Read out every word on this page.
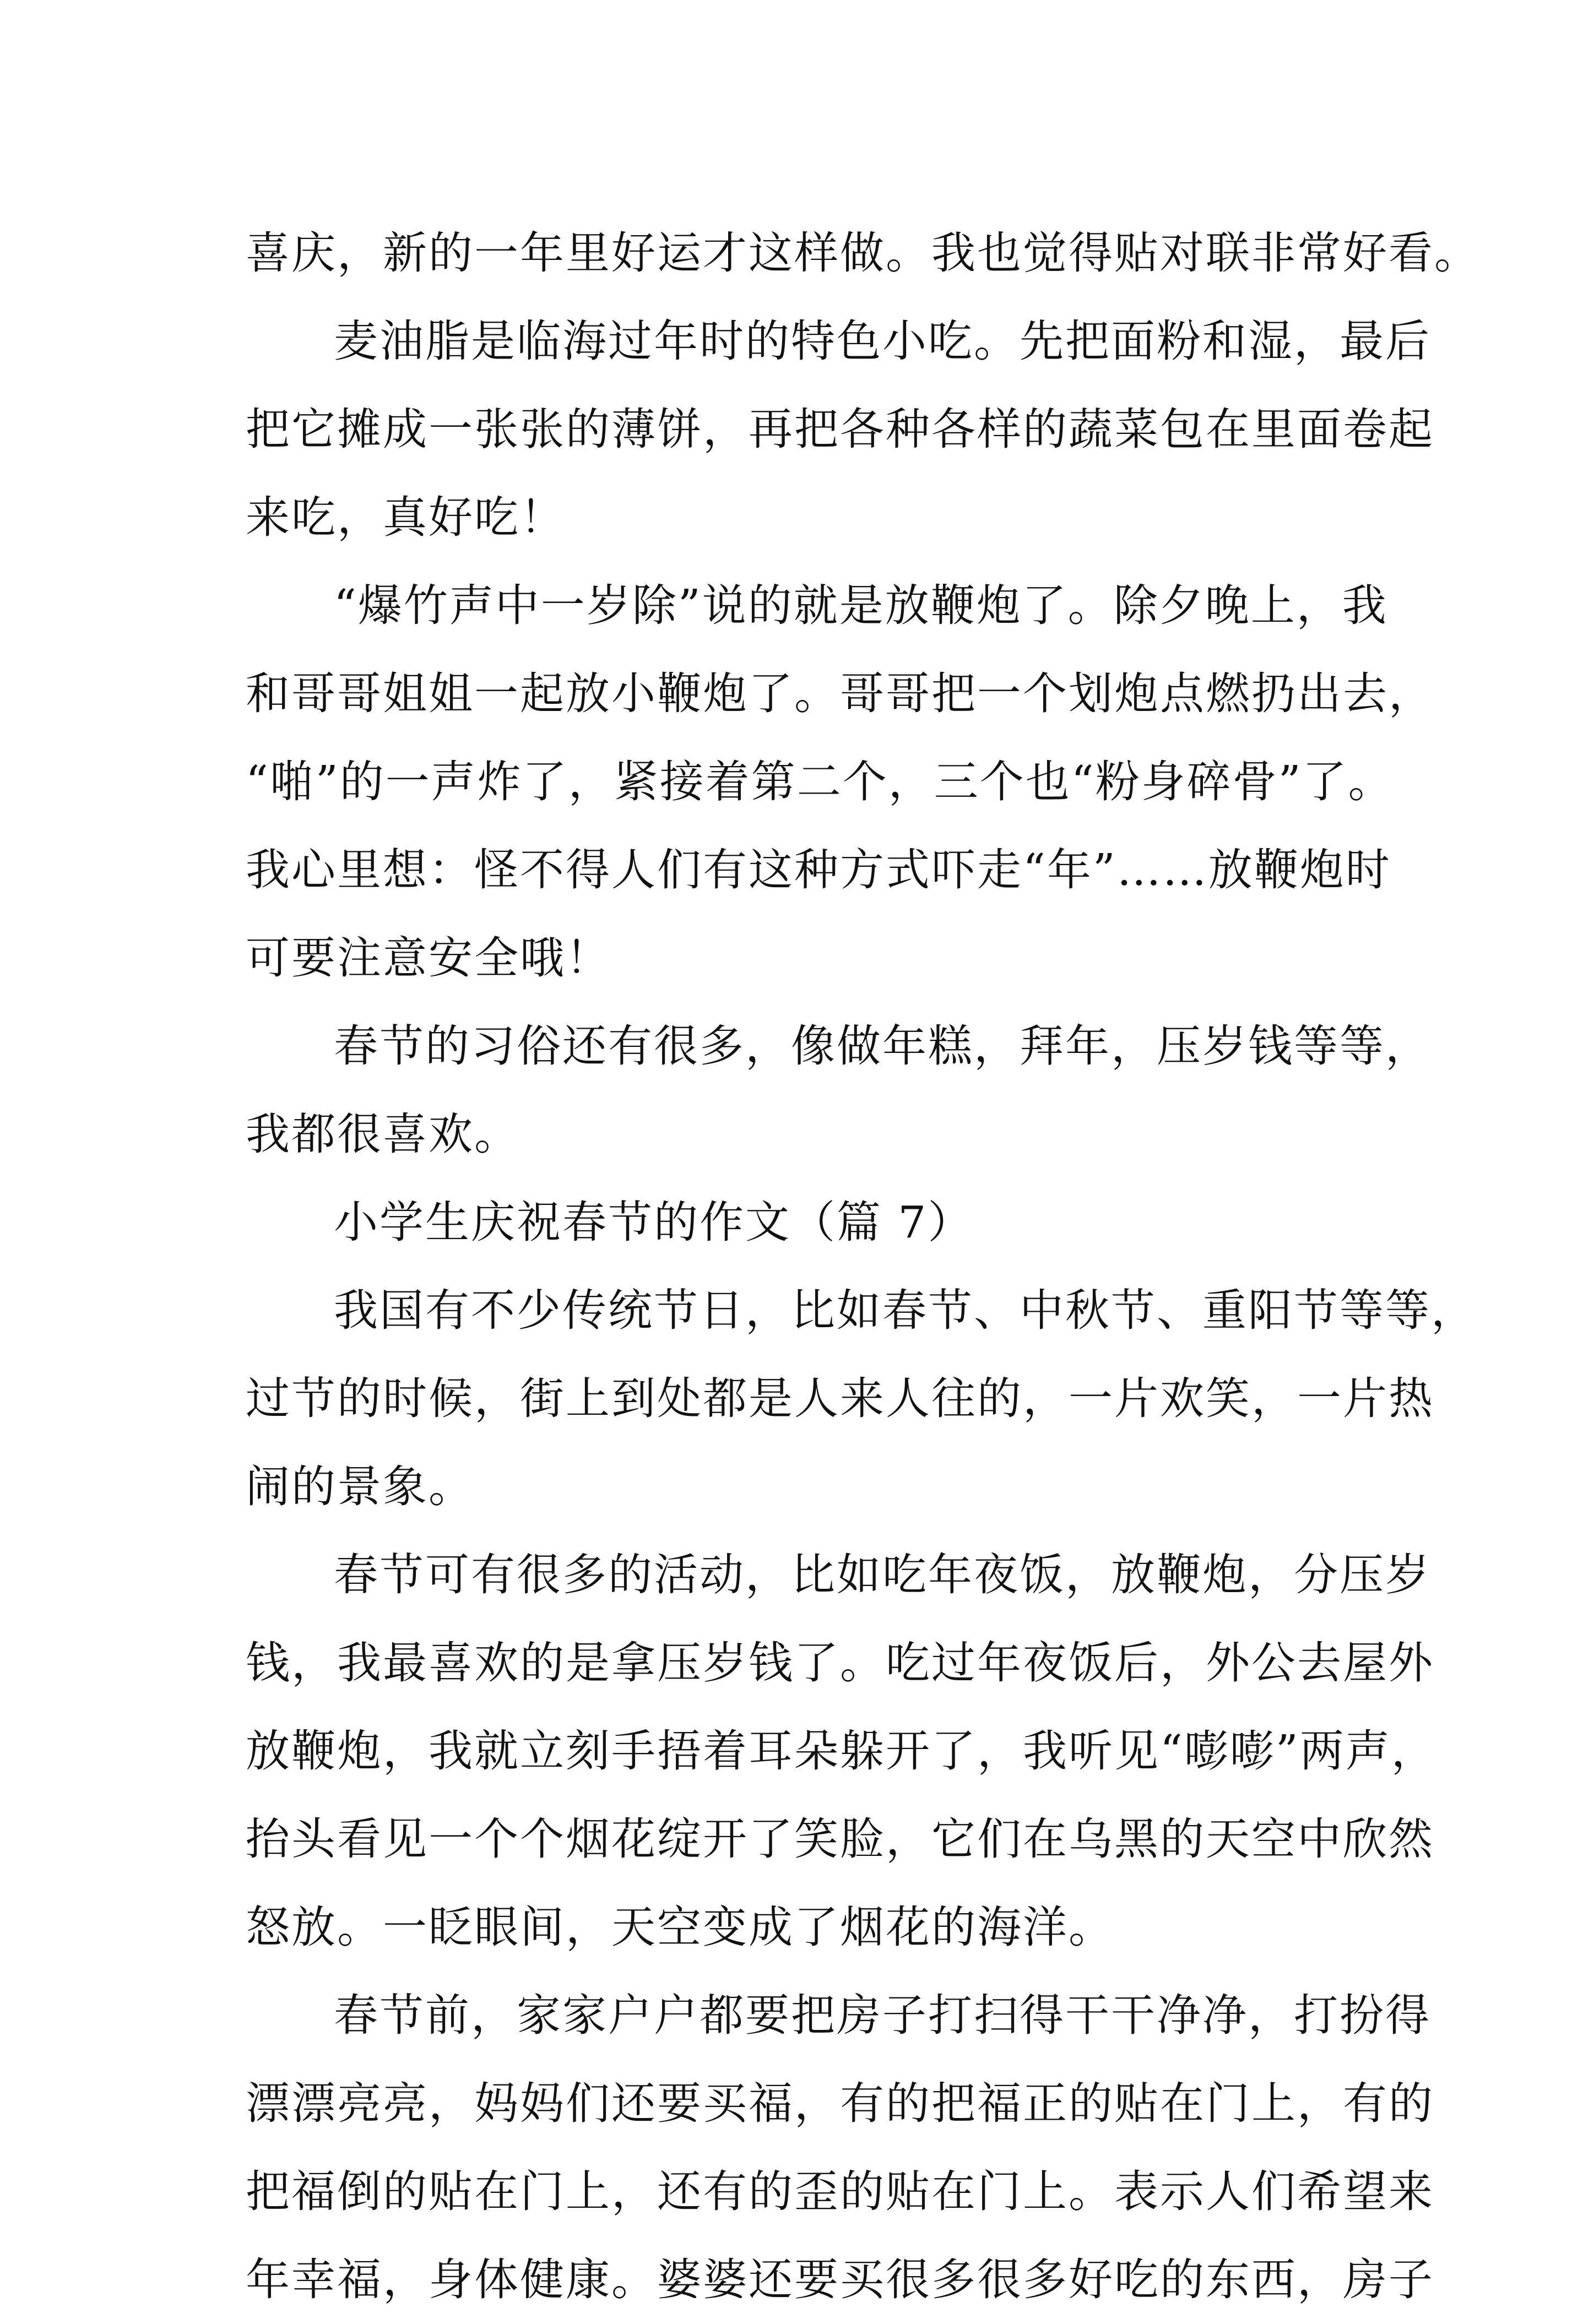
喜庆，新的一年里好运才这样做。我也觉得贴对联非常好看。
麦油脂是临海过年时的特色小吃。先把面粉和湿，最后
把它摊成一张张的薄饼，再把各种各样的蔬菜包在里面卷起
来吃，真好吃！
“爆竹声中一岁除”说的就是放鞭炮了。除夕晚上，我
和哥哥姐姐一起放小鞭炮了。哥哥把一个划炮点燃扔出去，
“啪”的一声炸了，紧接着第二个，三个也“粉身碎骨”了。
我心里想：怪不得人们有这种方式吓走“年”……放鞭炮时
可要注意安全哦！
春节的习俗还有很多，像做年糕，拜年，压岁钱等等，
我都很喜欢。
小学生庆祝春节的作文（篇 7）
我国有不少传统节日，比如春节、中秋节、重阳节等等，
过节的时候，街上到处都是人来人往的，一片欢笑，一片热
闹的景象。
春节可有很多的活动，比如吃年夜饭，放鞭炮，分压岁
钱，我最喜欢的是拿压岁钱了。吃过年夜饭后，外公去屋外
放鞭炮，我就立刻手捂着耳朵躲开了，我听见“嘭嘭”两声，
抬头看见一个个烟花绽开了笑脸，它们在乌黑的天空中欣然
怒放。一眨眼间，天空变成了烟花的海洋。
春节前，家家户户都要把房子打扫得干干净净，打扮得
漂漂亮亮，妈妈们还要买福，有的把福正的贴在门上，有的
把福倒的贴在门上，还有的歪的贴在门上。表示人们希望来
年幸福，身体健康。婆婆还要买很多很多好吃的东西，房子
